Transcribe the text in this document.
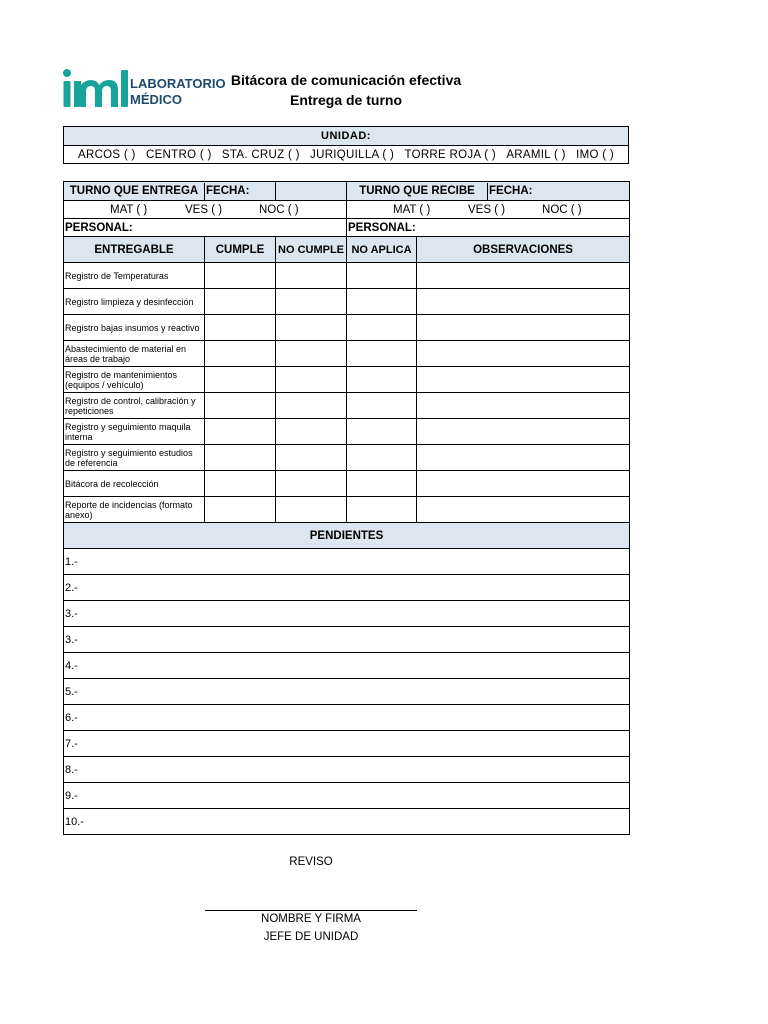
LABORATORIO
MÉDICO
Bitácora de comunicación efectiva
Entrega de turno
UNIDAD:

ARCOS ( ) CENTRO ( ) STA. CRUZ ( ) JURIQUILLA ( ) TORRE ROJA ( ) ARAMIL ( ) IMO ( )
TURNO QUE ENTREGA FECHA:			TURNO QUE RECIBE FECHA:	

MAT ( ) VES ( ) NOC ( )			MAT ( ) VES ( ) NOC ( )	

PERSONAL:			PERSONAL:	
ENTREGABLE	CUMPLE	NO CUMPLE	NO APLICA	OBSERVACIONES
Registro de Temperaturas				
Registro limpieza y desinfección				
Registro bajas insumos y reactivo				
Abastecimiento de material en áreas de trabajo				
Registro de mantenimientos (equipos / vehículo)				
Registro de control, calibración y repeticiones				
Registro y seguimiento maquila interna				
Registro y seguimiento estudios de referencia				
Bitácora de recolección				
Reporte de incidencias (formato anexo)				
PENDIENTES				
1.-				
2.-				
3.-				
3.-				
4.-				
5.-				
6.-				
7.-				
8.-				
9.-				
10.-				
REVISO
NOMBRE Y FIRMA
JEFE DE UNIDAD
